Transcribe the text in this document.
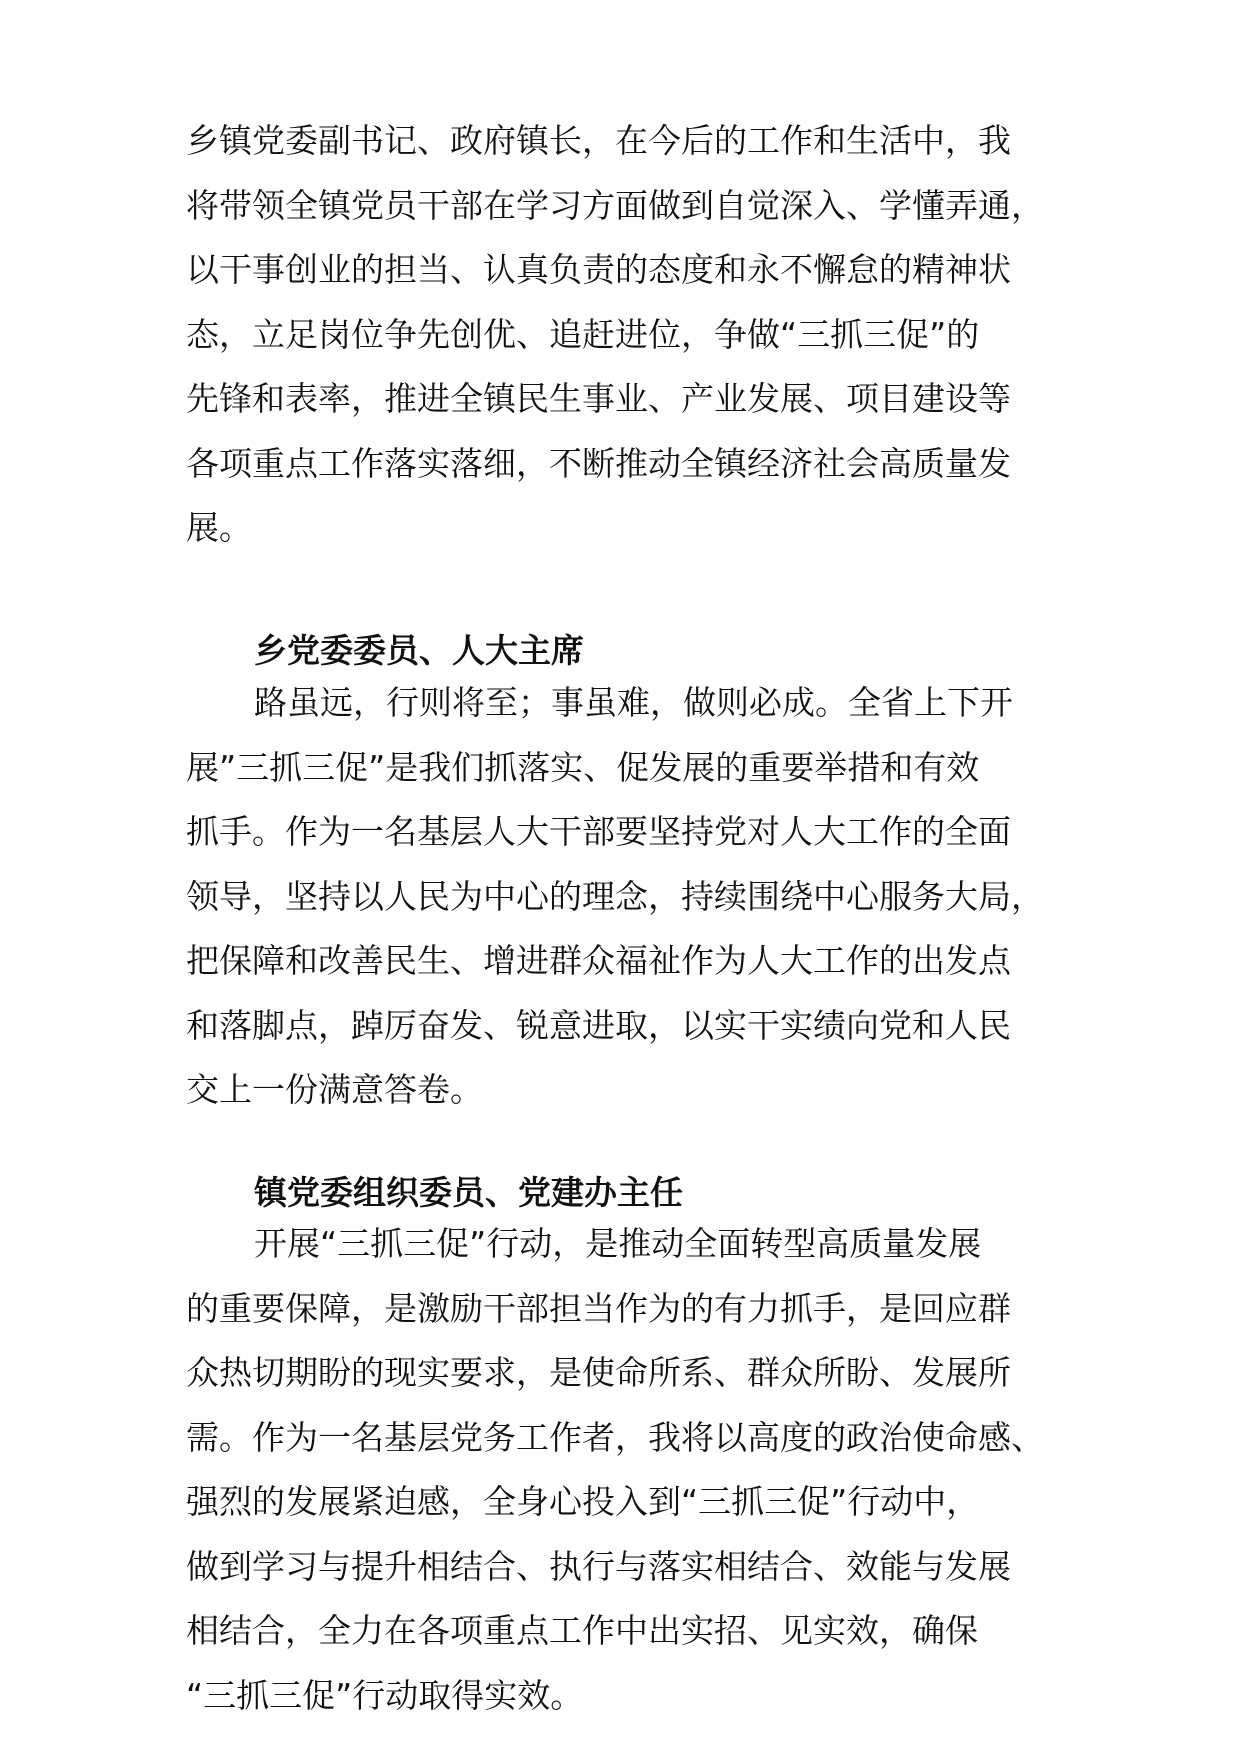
乡镇党委副书记、政府镇长，在今后的工作和生活中，我
将带领全镇党员干部在学习方面做到自觉深入、学懂弄通，
以干事创业的担当、认真负责的态度和永不懈怠的精神状
态，立足岗位争先创优、追赶进位，争做“三抓三促”的
先锋和表率，推进全镇民生事业、产业发展、项目建设等
各项重点工作落实落细，不断推动全镇经济社会高质量发
展。
乡党委委员、人大主席
路虽远，行则将至；事虽难，做则必成。全省上下开
展”三抓三促”是我们抓落实、促发展的重要举措和有效
抓手。作为一名基层人大干部要坚持党对人大工作的全面
领导，坚持以人民为中心的理念，持续围绕中心服务大局，
把保障和改善民生、增进群众福祉作为人大工作的出发点
和落脚点，踔厉奋发、锐意进取，以实干实绩向党和人民
交上一份满意答卷。
镇党委组织委员、党建办主任
开展“三抓三促”行动，是推动全面转型高质量发展
的重要保障，是激励干部担当作为的有力抓手，是回应群
众热切期盼的现实要求，是使命所系、群众所盼、发展所
需。作为一名基层党务工作者，我将以高度的政治使命感、
强烈的发展紧迫感，全身心投入到“三抓三促”行动中，
做到学习与提升相结合、执行与落实相结合、效能与发展
相结合，全力在各项重点工作中出实招、见实效，确保
“三抓三促”行动取得实效。
